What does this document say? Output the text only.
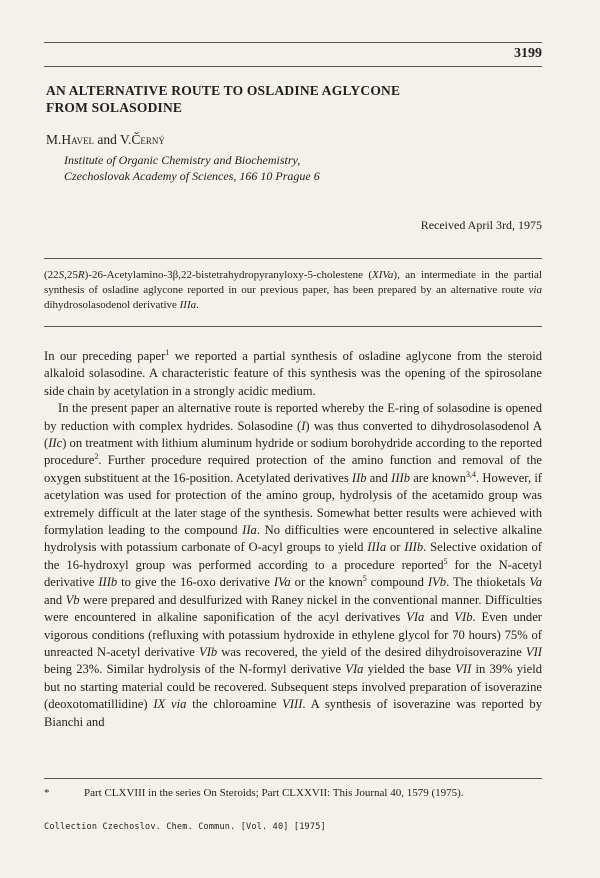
3199
AN ALTERNATIVE ROUTE TO OSLADINE AGLYCONE
FROM SOLASODINE
M.Havel and V.Černý
Institute of Organic Chemistry and Biochemistry,
Czechoslovak Academy of Sciences, 166 10 Prague 6
Received April 3rd, 1975
(22S,25R)-26-Acetylamino-3β,22-bistetrahydropyranyloxy-5-cholestene (XIVa), an intermediate in the partial synthesis of osladine aglycone reported in our previous paper, has been prepared by an alternative route via dihydrosolasodenol derivative IIIa.

In our preceding paper$^1$ we reported a partial synthesis of osladine aglycone from the steroid alkaloid solasodine. A characteristic feature of this synthesis was the opening of the spirosolane side chain by acetylation in a strongly acidic medium.

In the present paper an alternative route is reported whereby the E-ring of solasodine is opened by reduction with complex hydrides. Solasodine (I) was thus converted to dihydrosolasodenol A (IIc) on treatment with lithium aluminum hydride or sodium borohydride according to the reported procedure$^2$. Further procedure required protection of the amino function and removal of the oxygen substituent at the 16-position. Acetylated derivatives IIb and IIIb are known$^{3,4}$. However, if acetylation was used for protection of the amino group, hydrolysis of the acetamido group was extremely difficult at the later stage of the synthesis. Somewhat better results were achieved with formylation leading to the compound IIa. No difficulties were encountered in selective alkaline hydrolysis with potassium carbonate of O-acyl groups to yield IIIa or IIIb. Selective oxidation of the 16-hydroxyl group was performed according to a procedure reported$^5$ for the N-acetyl derivative IIIb to give the 16-oxo derivative IVa or the known$^5$ compound IVb. The thioketals Va and Vb were prepared and desulfurized with Raney nickel in the conventional manner. Difficulties were encountered in alkaline saponification of the acyl derivatives VIa and VIb. Even under vigorous conditions (refluxing with potassium hydroxide in ethylene glycol for 70 hours) 75% of unreacted N-acetyl derivative VIb was recovered, the yield of the desired dihydroisoverazine VII being 23%. Similar hydrolysis of the N-formyl derivative VIa yielded the base VII in 39% yield but no starting material could be recovered. Subsequent steps involved preparation of isoverazine (deoxotomatillidine) IX via the chloroamine VIII. A synthesis of isoverazine was reported by Bianchi and

*	Part CLXVIII in the series On Steroids; Part CLXXVII: This Journal 40, 1579 (1975).
Collection Czechoslov. Chem. Commun. [Vol. 40] [1975]
